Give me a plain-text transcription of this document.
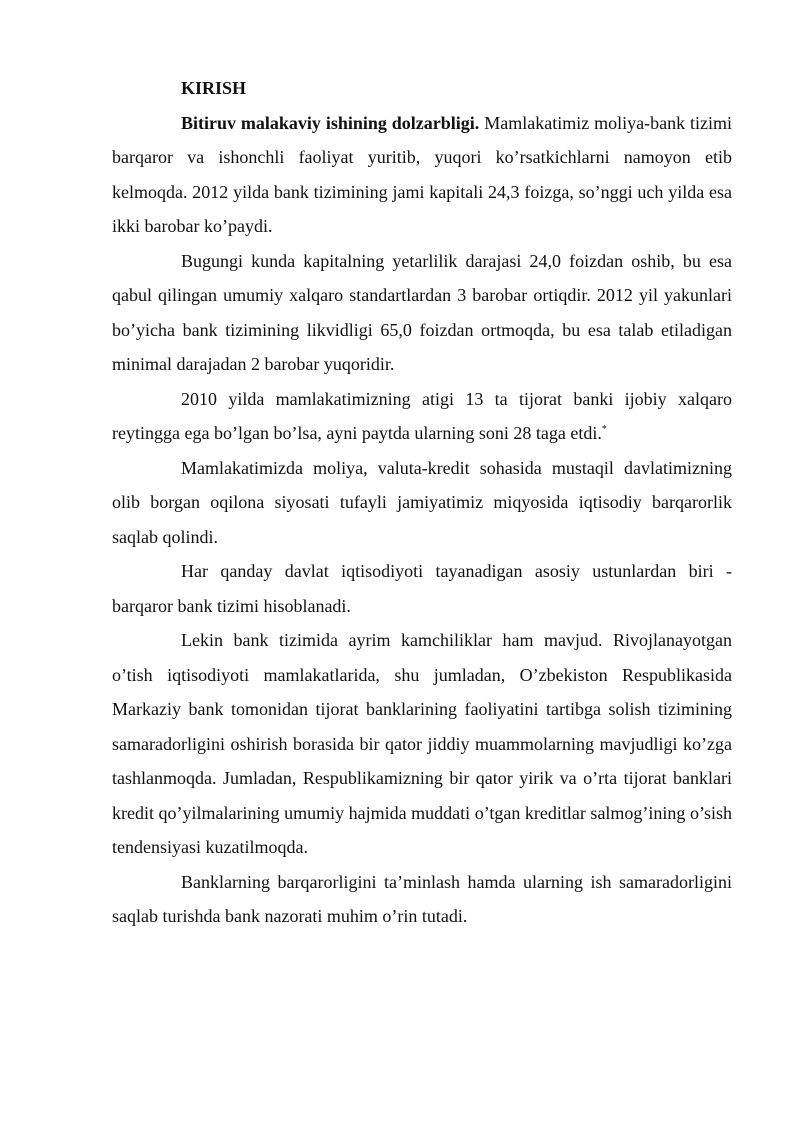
KIRISH

Bitiruv malakaviy ishining dolzarbligi. Mamlakatimiz moliya-bank tizimi barqaror va ishonchli faoliyat yuritib, yuqori ko’rsatkichlarni namoyon etib kelmoqda. 2012 yilda bank tizimining jami kapitali 24,3 foizga, so’nggi uch yilda esa ikki barobar ko’paydi.

Bugungi kunda kapitalning yetarlilik darajasi 24,0 foizdan oshib, bu esa qabul qilingan umumiy xalqaro standartlardan 3 barobar ortiqdir. 2012 yil yakunlari bo’yicha bank tizimining likvidligi 65,0 foizdan ortmoqda, bu esa talab etiladigan minimal darajadan 2 barobar yuqoridir.

2010 yilda mamlakatimizning atigi 13 ta tijorat banki ijobiy xalqaro reytingga ega bo’lgan bo’lsa, ayni paytda ularning soni 28 taga etdi.*

Mamlakatimizda moliya, valuta-kredit sohasida mustaqil davlatimizning olib borgan oqilona siyosati tufayli jamiyatimiz miqyosida iqtisodiy barqarorlik saqlab qolindi.

Har qanday davlat iqtisodiyoti tayanadigan asosiy ustunlardan biri - barqaror bank tizimi hisoblanadi.

Lekin bank tizimida ayrim kamchiliklar ham mavjud. Rivojlanayotgan o’tish iqtisodiyoti mamlakatlarida, shu jumladan, O’zbekiston Respublikasida Markaziy bank tomonidan tijorat banklarining faoliyatini tartibga solish tizimining samaradorligini oshirish borasida bir qator jiddiy muammolarning mavjudligi ko’zga tashlanmoqda. Jumladan, Respublikamizning bir qator yirik va o’rta tijorat banklari kredit qo’yilmalarining umumiy hajmida muddati o’tgan kreditlar salmog’ining o’sish tendensiyasi kuzatilmoqda.

Banklarning barqarorligini ta’minlash hamda ularning ish samaradorligini saqlab turishda bank nazorati muhim o’rin tutadi.
